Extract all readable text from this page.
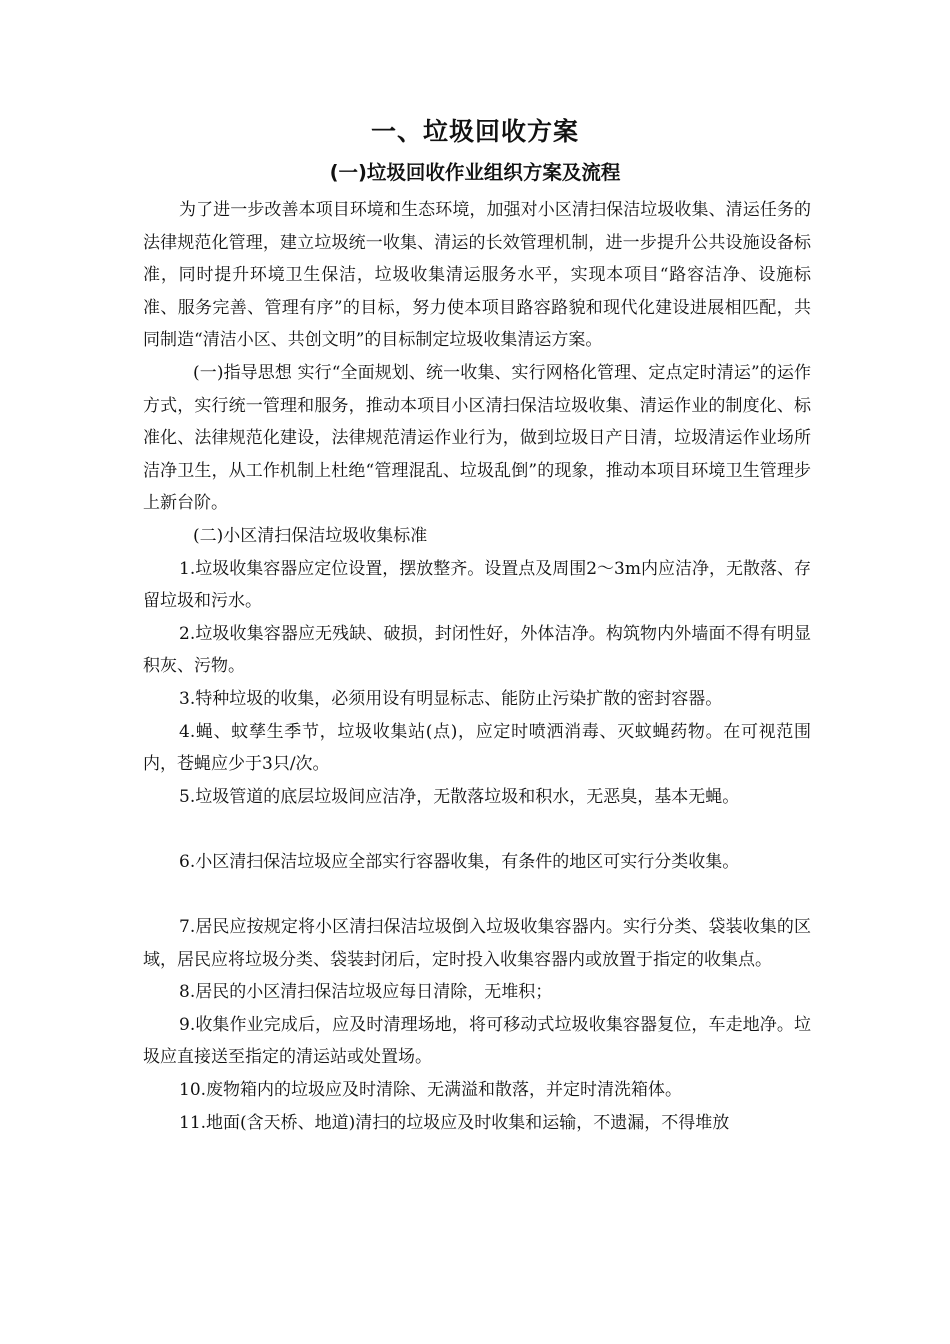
一、垃圾回收方案
(一)垃圾回收作业组织方案及流程

为了进一步改善本项目环境和生态环境，加强对小区清扫保洁垃圾收集、清运任务的法律规范化管理，建立垃圾统一收集、清运的长效管理机制，进一步提升公共设施设备标准，同时提升环境卫生保洁，垃圾收集清运服务水平，实现本项目“路容洁净、设施标准、服务完善、管理有序”的目标，努力使本项目路容路貌和现代化建设进展相匹配，共同制造“清洁小区、共创文明”的目标制定垃圾收集清运方案。

(一)指导思想 实行“全面规划、统一收集、实行网格化管理、定点定时清运”的运作方式，实行统一管理和服务，推动本项目小区清扫保洁垃圾收集、清运作业的制度化、标准化、法律规范化建设，法律规范清运作业行为，做到垃圾日产日清，垃圾清运作业场所洁净卫生，从工作机制上杜绝“管理混乱、垃圾乱倒”的现象，推动本项目环境卫生管理步上新台阶。

(二)小区清扫保洁垃圾收集标准

1.垃圾收集容器应定位设置，摆放整齐。设置点及周围2～3m内应洁净，无散落、存留垃圾和污水。

2.垃圾收集容器应无残缺、破损，封闭性好，外体洁净。构筑物内外墙面不得有明显积灰、污物。

3.特种垃圾的收集，必须用设有明显标志、能防止污染扩散的密封容器。

4.蝇、蚊孳生季节，垃圾收集站(点)，应定时喷洒消毒、灭蚊蝇药物。在可视范围内，苍蝇应少于3只/次。

5.垃圾管道的底层垃圾间应洁净，无散落垃圾和积水，无恶臭，基本无蝇。

6.小区清扫保洁垃圾应全部实行容器收集，有条件的地区可实行分类收集。

7.居民应按规定将小区清扫保洁垃圾倒入垃圾收集容器内。实行分类、袋装收集的区域，居民应将垃圾分类、袋装封闭后，定时投入收集容器内或放置于指定的收集点。

8.居民的小区清扫保洁垃圾应每日清除，无堆积；

9.收集作业完成后，应及时清理场地，将可移动式垃圾收集容器复位，车走地净。垃圾应直接送至指定的清运站或处置场。

10.废物箱内的垃圾应及时清除、无满溢和散落，并定时清洗箱体。

11.地面(含天桥、地道)清扫的垃圾应及时收集和运输，不遗漏，不得堆放
